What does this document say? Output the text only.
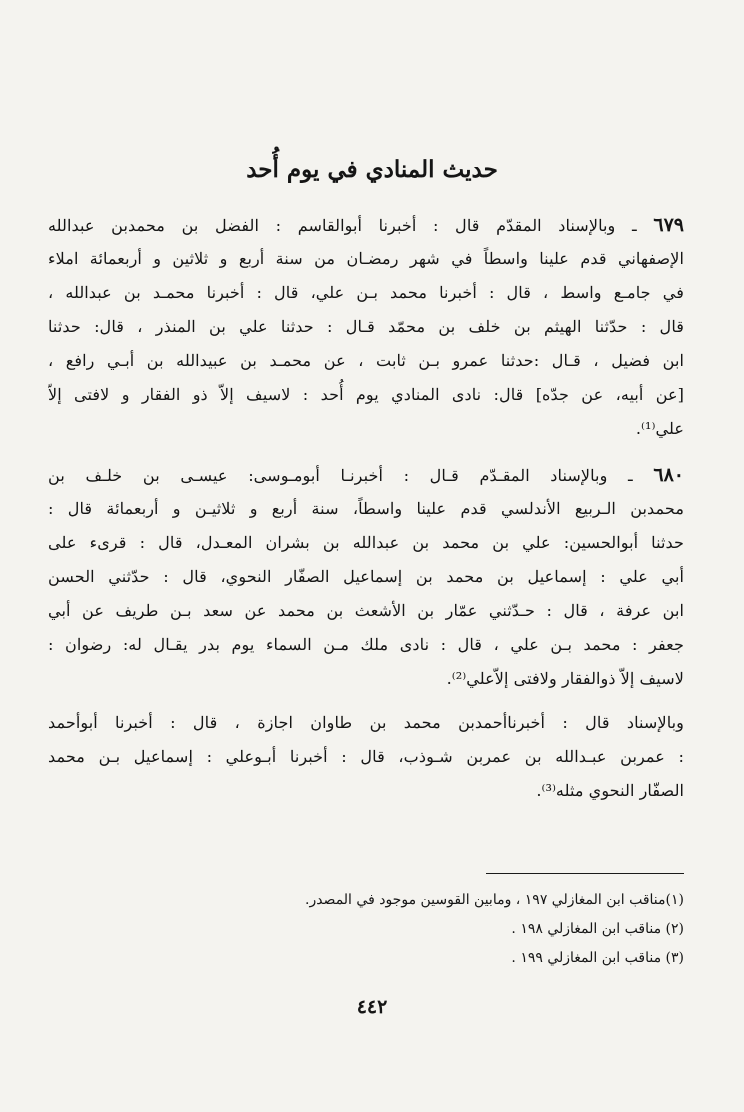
حديث المنادي في يوم أُحد
٦٧٩ ـ وبالإسناد المقدّم قال : أخبرنا أبوالقاسم : الفضل بن محمدبن عبدالله
الإصفهاني قدم علينا واسطاً في شهر رمضـان من سنة أربع و ثلاثين و أربعمائة املاء
في جامـع واسط ، قال : أخبرنا محمد بـن علي، قال : أخبرنا محمـد بن عبدالله ،
قال : حدّثنا الهيثم بن خلف بن محمّد قـال : حدثنا علي بن المنذر ، قال: حدثنا
ابن فضيل ، قـال :حدثنا عمرو بـن ثابت ، عن محمـد بن عبيدالله بن أبـي رافع ،
[عن أبيه، عن جدّه] قال: نادى المنادي يوم أُحد : لاسيف إلاّ ذو الفقار و لافتى إلاّ
علي⁽¹⁾.
٦٨٠ ـ وبالإسناد المقـدّم قـال : أخبرنـا أبومـوسى: عيسـى بن خلـف بن
محمدبن الـربيع الأندلسي قدم علينا واسطاً، سنة أربع و ثلاثيـن و أربعمائة قال :
حدثنا أبوالحسين: علي بن محمد بن عبدالله بن بشران المعـدل، قال : قرىء على
أبي علي : إسماعيل بن محمد بن إسماعيل الصفّار النحوي، قال : حدّثني الحسن
ابن عرفة ، قال : حـدّثني عمّار بن الأشعث بن محمد عن سعد بـن طريف عن أبي
جعفر : محمد بـن علي ، قال : نادى ملك مـن السماء يوم بدر يقـال له: رضوان :
لاسيف إلاّ ذوالفقار ولافتى إلاّعلي⁽²⁾.
وبالإسناد قال : أخبرناأحمدبن محمد بن طاوان اجازة ، قال : أخبرنا أبوأحمد
: عمربن عبـدالله بن عمربن شـوذب، قال : أخبرنا أبـوعلي : إسماعيل بـن محمد
الصفّار النحوي مثله⁽³⁾.
(١)مناقب ابن المغازلي ١٩٧ ، ومابين القوسين موجود في المصدر.
(٢) مناقب ابن المغازلي ١٩٨ .
(٣) مناقب ابن المغازلي ١٩٩ .
٤٤٢
